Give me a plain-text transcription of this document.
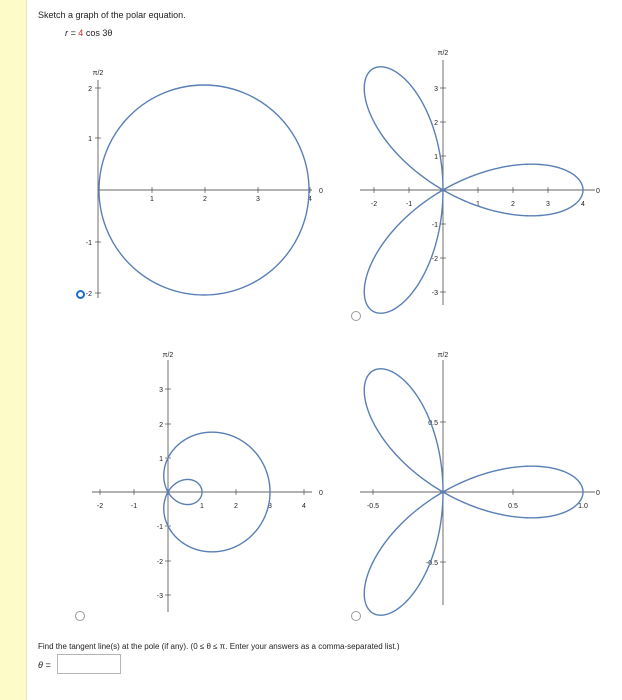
Sketch a graph of the polar equation.
r = 4 cos 3θ
1	2	3	4
2
1
-1
-2
π/2
0
-2	-1	1	2	3	4
3
2
1
-1
-2
-3
π/2
0
-2	-1	1	2	3	4
3
2
1
-1
-2
-3
π/2
0
-0.5	0.5	1.0
0.5
-0.5
π/2
0
Find the tangent line(s) at the pole (if any). (0 ≤ θ ≤ π. Enter your answers as a comma-separated list.)
θ =
